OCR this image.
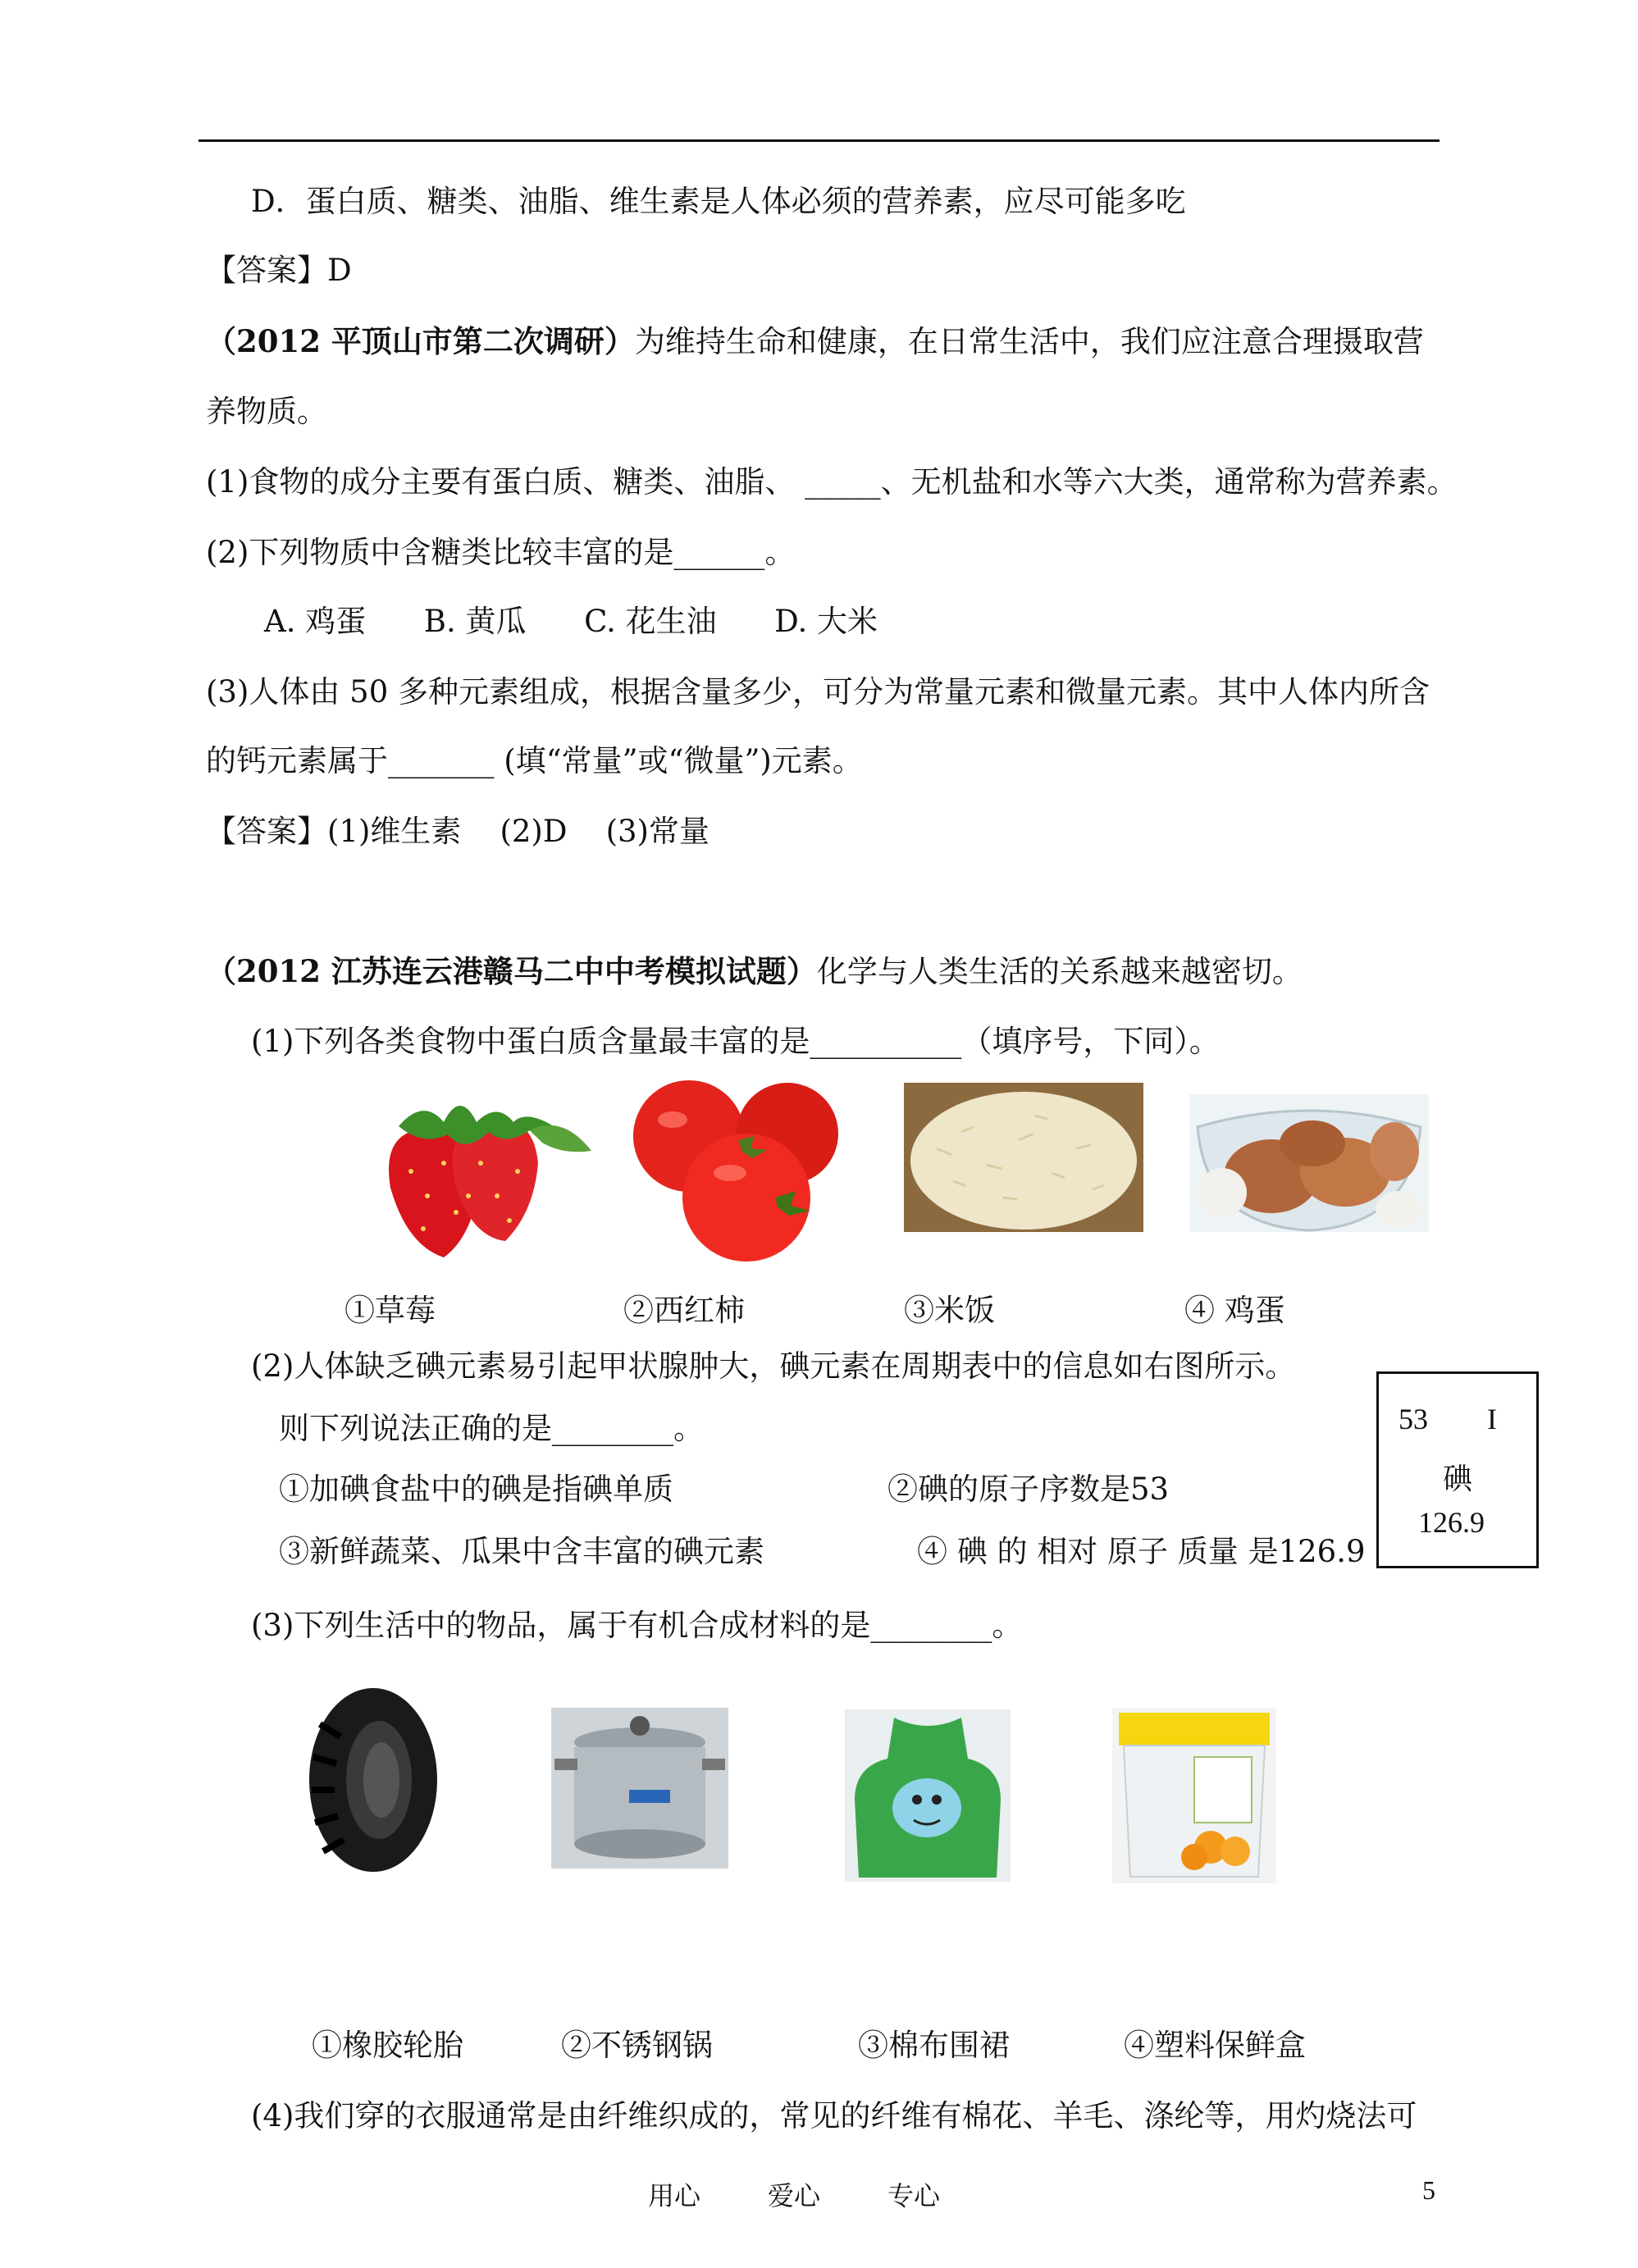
D．蛋白质、糖类、油脂、维生素是人体必须的营养素，应尽可能多吃
【答案】D
（2012 平顶山市第二次调研）为维持生命和健康，在日常生活中，我们应注意合理摄取营
养物质。
(1)食物的成分主要有蛋白质、糖类、油脂、 _____、无机盐和水等六大类，通常称为营养素。
(2)下列物质中含糖类比较丰富的是______。
A. 鸡蛋      B. 黄瓜      C. 花生油      D. 大米
(3)人体由 50 多种元素组成，根据含量多少，可分为常量元素和微量元素。其中人体内所含
的钙元素属于_______ (填“常量”或“微量”)元素。
【答案】(1)维生素    (2)D    (3)常量
（2012 江苏连云港赣马二中中考模拟试题）化学与人类生活的关系越来越密切。
(1)下列各类食物中蛋白质含量最丰富的是__________（填序号，下同）。
①草莓	②西红柿	③米饭	④ 鸡蛋
(2)人体缺乏碘元素易引起甲状腺肿大，碘元素在周期表中的信息如右图所示。
则下列说法正确的是________。
①加碘食盐中的碘是指碘单质	②碘的原子序数是53
③新鲜蔬菜、瓜果中含丰富的碘元素	④ 碘 的 相对 原子 质量 是126.9
53 I
碘
126.9
(3)下列生活中的物品，属于有机合成材料的是________。
①橡胶轮胎	②不锈钢锅	③棉布围裙	④塑料保鲜盒
(4)我们穿的衣服通常是由纤维织成的，常见的纤维有棉花、羊毛、涤纶等，用灼烧法可
用心	爱心	专心	5
